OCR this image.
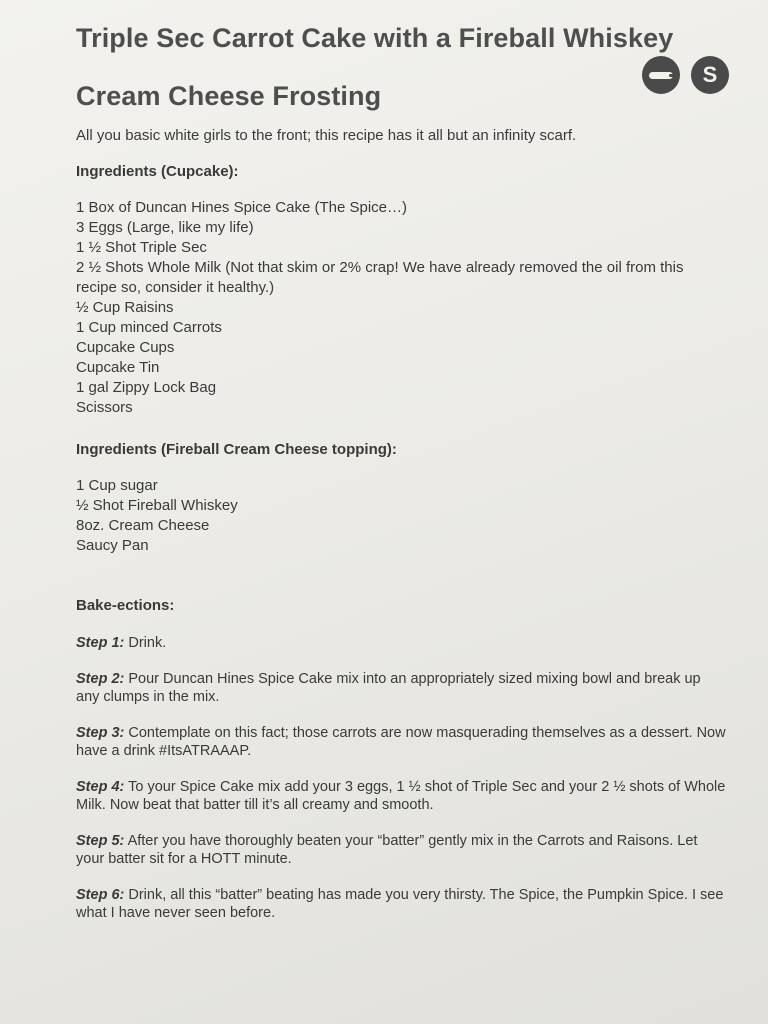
Triple Sec Carrot Cake with a Fireball Whiskey
Cream Cheese Frosting

All you basic white girls to the front; this recipe has it all but an infinity scarf.

Ingredients (Cupcake):
1 Box of Duncan Hines Spice Cake (The Spice…)
3 Eggs (Large, like my life)
1 ½ Shot Triple Sec
2 ½ Shots Whole Milk (Not that skim or 2% crap! We have already removed the oil from this recipe so, consider it healthy.)
½ Cup Raisins
1 Cup minced Carrots
Cupcake Cups
Cupcake Tin
1 gal Zippy Lock Bag
Scissors
Ingredients (Fireball Cream Cheese topping):
1 Cup sugar
½ Shot Fireball Whiskey
8oz. Cream Cheese
Saucy Pan
Bake-ections:
Step 1: Drink.
Step 2: Pour Duncan Hines Spice Cake mix into an appropriately sized mixing bowl and break up any clumps in the mix.
Step 3: Contemplate on this fact; those carrots are now masquerading themselves as a dessert. Now have a drink #ItsATRAAAP.
Step 4: To your Spice Cake mix add your 3 eggs, 1 ½ shot of Triple Sec and your 2 ½ shots of Whole Milk. Now beat that batter till it’s all creamy and smooth.
Step 5: After you have thoroughly beaten your “batter” gently mix in the Carrots and Raisons. Let your batter sit for a HOTT minute.
Step 6: Drink, all this “batter” beating has made you very thirsty. The Spice, the Pumpkin Spice. I see what I have never seen before.
S
